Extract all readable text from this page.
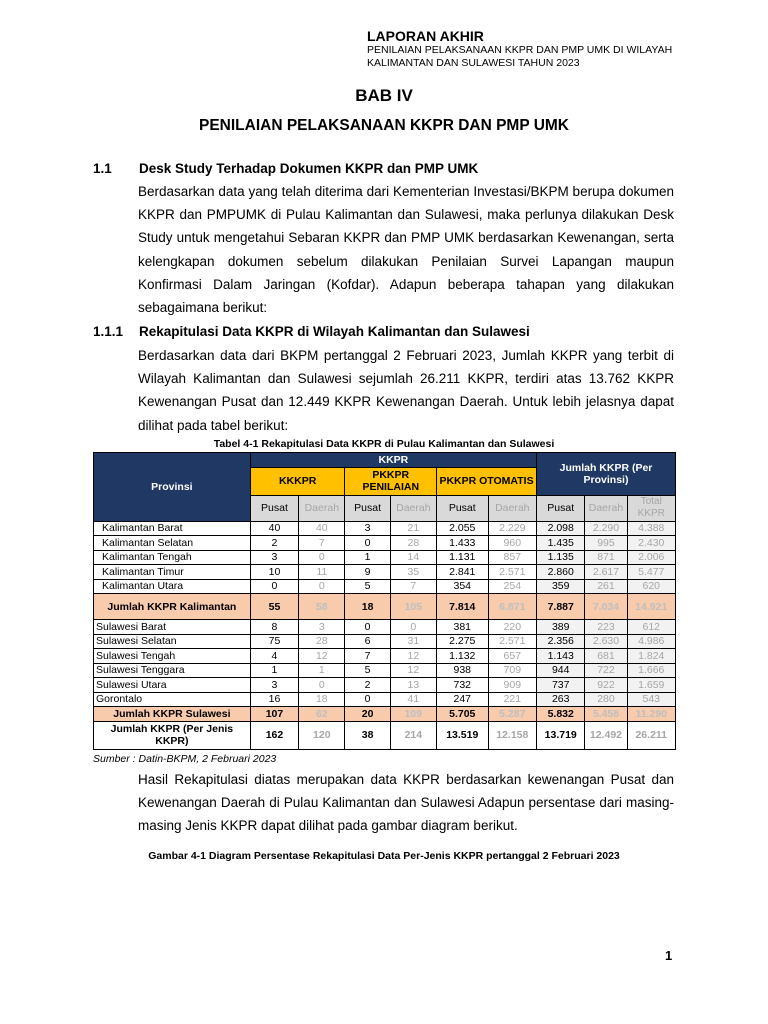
LAPORAN AKHIR
PENILAIAN PELAKSANAAN KKPR DAN PMP UMK DI WILAYAH
KALIMANTAN DAN SULAWESI TAHUN 2023
BAB IV
PENILAIAN PELAKSANAAN KKPR DAN PMP UMK
1.1 Desk Study Terhadap Dokumen KKPR dan PMP UMK
Berdasarkan data yang telah diterima dari Kementerian Investasi/BKPM berupa dokumen KKPR dan PMPUMK di Pulau Kalimantan dan Sulawesi, maka perlunya dilakukan Desk Study untuk mengetahui Sebaran KKPR dan PMP UMK berdasarkan Kewenangan, serta kelengkapan dokumen sebelum dilakukan Penilaian Survei Lapangan maupun Konfirmasi Dalam Jaringan (Kofdar). Adapun beberapa tahapan yang dilakukan sebagaimana berikut:
1.1.1 Rekapitulasi Data KKPR di Wilayah Kalimantan dan Sulawesi
Berdasarkan data dari BKPM pertanggal 2 Februari 2023, Jumlah KKPR yang terbit di Wilayah Kalimantan dan Sulawesi sejumlah 26.211 KKPR, terdiri atas 13.762 KKPR Kewenangan Pusat dan 12.449 KKPR Kewenangan Daerah. Untuk lebih jelasnya dapat dilihat pada tabel berikut:
Tabel 4-1 Rekapitulasi Data KKPR di Pulau Kalimantan dan Sulawesi
Provinsi	KKPR						Jumlah KKPR (Per Provinsi)		
	KKKPR		PKKPR PENILAIAN		PKKPR OTOMATIS				
	Pusat	Daerah	Pusat	Daerah	Pusat	Daerah	Pusat	Daerah	Total KKPR
Kalimantan Barat	40	40	3	21	2.055	2.229	2.098	2.290	4.388
Kalimantan Selatan	2	7	0	28	1.433	960	1.435	995	2.430
Kalimantan Tengah	3	0	1	14	1.131	857	1.135	871	2.006
Kalimantan Timur	10	11	9	35	2.841	2.571	2.860	2.617	5.477
Kalimantan Utara	0	0	5	7	354	254	359	261	620
Jumlah KKPR Kalimantan	55	58	18	105	7.814	6.871	7.887	7.034	14.921
Sulawesi Barat	8	3	0	0	381	220	389	223	612
Sulawesi Selatan	75	28	6	31	2.275	2.571	2.356	2.630	4.986
Sulawesi Tengah	4	12	7	12	1.132	657	1.143	681	1.824
Sulawesi Tenggara	1	1	5	12	938	709	944	722	1.666
Sulawesi Utara	3	0	2	13	732	909	737	922	1.659
Gorontalo	16	18	0	41	247	221	263	280	543
Jumlah KKPR Sulawesi	107	62	20	109	5.705	5.287	5.832	5.458	11.290
Jumlah KKPR (Per Jenis KKPR)	162	120	38	214	13.519	12.158	13.719	12.492	26.211
Sumber : Datin-BKPM, 2 Februari 2023
Hasil Rekapitulasi diatas merupakan data KKPR berdasarkan kewenangan Pusat dan Kewenangan Daerah di Pulau Kalimantan dan Sulawesi Adapun persentase dari masing-masing Jenis KKPR dapat dilihat pada gambar diagram berikut.
Gambar 4-1 Diagram Persentase Rekapitulasi Data Per-Jenis KKPR pertanggal 2 Februari 2023
1
